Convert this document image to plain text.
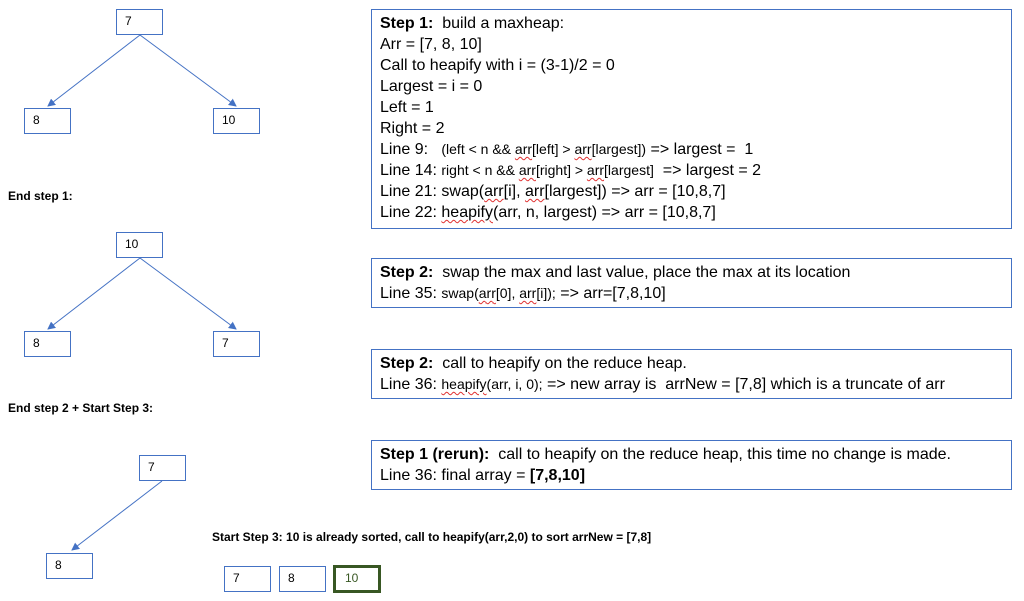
7
8	10
End step 1:
10
8	7
End step 2 + Start Step 3:
7
8
Start Step 3: 10 is already sorted, call to heapify(arr,2,0) to sort arrNew = [7,8]
7	8	10
Step 1:  build a maxheap:
Arr = [7, 8, 10]
Call to heapify with i = (3-1)/2 = 0
Largest = i = 0
Left = 1
Right = 2
Line 9:   (left < n && arr[left] > arr[largest]) => largest =  1
Line 14: right < n && arr[right] > arr[largest]  => largest = 2
Line 21: swap(arr[i], arr[largest]) => arr = [10,8,7]
Line 22: heapify(arr, n, largest) => arr = [10,8,7]
Step 2:  swap the max and last value, place the max at its location
Line 35: swap(arr[0], arr[i]); => arr=[7,8,10]
Step 2:  call to heapify on the reduce heap.
Line 36: heapify(arr, i, 0); => new array is  arrNew = [7,8] which is a truncate of arr
Step 1 (rerun):  call to heapify on the reduce heap, this time no change is made.
Line 36: final array = [7,8,10]
